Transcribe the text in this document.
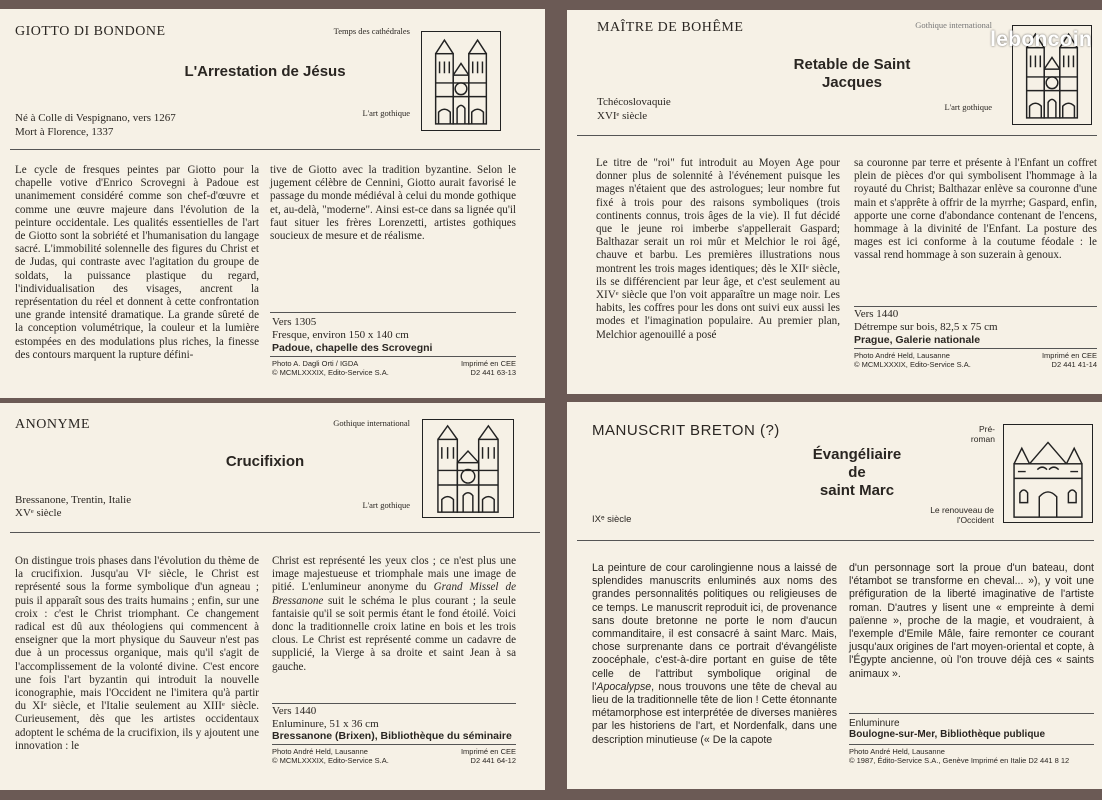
GIOTTO DI BONDONE	Temps des cathédrales
L'art gothique
L'Arrestation de Jésus
Né à Colle di Vespignano, vers 1267
Mort à Florence, 1337
Le cycle de fresques peintes par Giotto pour la chapelle votive d'Enrico Scrovegni à Padoue est unanimement considéré comme son chef-d'œuvre et comme une œuvre majeure dans l'évolution de la peinture occidentale. Les qualités essentielles de l'art de Giotto sont la sobriété et l'humanisation du langage sacré. L'immobilité solennelle des figures du Christ et de Judas, qui contraste avec l'agitation du groupe de soldats, la puissance plastique du regard, l'individualisation des visages, ancrent la représentation du réel et donnent à cette confrontation une grande intensité dramatique. La grande sûreté de la conception volumétrique, la couleur et la lumière estompées en des modulations plus riches, la finesse des contours marquent la rupture défini-
tive de Giotto avec la tradition byzantine. Selon le jugement célèbre de Cennini, Giotto aurait favorisé le passage du monde médiéval à celui du monde gothique et, au-delà, "moderne". Ainsi est-ce dans sa lignée qu'il faut situer les frères Lorenzetti, artistes gothiques soucieux de mesure et de réalisme.
Vers 1305
Fresque, environ 150 x 140 cm
Padoue, chapelle des Scrovegni
Photo A. Dagli Orti / IGDA
© MCMLXXXIX, Edito-Service S.A.
Imprimé en CEE
D2 441 63-13
MAÎTRE DE BOHÊME	Gothique international
L'art gothique
Retable de Saint Jacques
leboncoin
Tchécoslovaquie
XVIᵉ siècle
Le titre de "roi" fut introduit au Moyen Age pour donner plus de solennité à l'événement puisque les mages n'étaient que des astrologues; leur nombre fut fixé à trois pour des raisons symboliques (trois continents connus, trois âges de la vie). Il fut décidé que le jeune roi imberbe s'appellerait Gaspard; Balthazar serait un roi mûr et Melchior le roi âgé, chauve et barbu. Les premières illustrations nous montrent les trois mages identiques; dès le XIIᵉ siècle, ils se différencient par leur âge, et c'est seulement au XIVᵉ siècle que l'on voit apparaître un mage noir. Les habits, les coffres pour les dons ont suivi eux aussi les modes et l'imagination populaire. Au premier plan, Melchior agenouillé a posé
sa couronne par terre et présente à l'Enfant un coffret plein de pièces d'or qui symbolisent l'hommage à la royauté du Christ; Balthazar enlève sa couronne d'une main et s'apprête à offrir de la myrrhe; Gaspard, enfin, apporte une corne d'abondance contenant de l'encens, hommage à la divinité de l'Enfant. La posture des mages est ici conforme à la coutume féodale : le vassal rend hommage à son suzerain à genoux.
Vers 1440
Détrempe sur bois, 82,5 x 75 cm
Prague, Galerie nationale
Photo André Held, Lausanne
© MCMLXXXIX, Edito-Service S.A.
Imprimé en CEE
D2 441 41-14
ANONYME	Gothique international
L'art gothique
Crucifixion
Bressanone, Trentin, Italie
XVᵉ siècle
On distingue trois phases dans l'évolution du thème de la crucifixion. Jusqu'au VIᵉ siècle, le Christ est représenté sous la forme symbolique d'un agneau ; puis il apparaît sous des traits humains ; enfin, sur une croix : c'est le Christ triomphant. Ce changement radical est dû aux théologiens qui commencent à enseigner que la mort physique du Sauveur n'est pas due à un processus organique, mais qu'il s'agit de l'accomplissement de la volonté divine. C'est encore une fois l'art byzantin qui introduit la nouvelle iconographie, mais l'Occident ne l'imitera qu'à partir du XIᵉ siècle, et l'Italie seulement au XIIIᵉ siècle. Curieusement, dès que les artistes occidentaux adoptent le schéma de la crucifixion, ils y ajoutent une innovation : le
Christ est représenté les yeux clos ; ce n'est plus une image majestueuse et triomphale mais une image de pitié. L'enlumineur anonyme du Grand Missel de Bressanone suit le schéma le plus courant ; la seule fantaisie qu'il se soit permis étant le fond étoilé. Voici donc la traditionnelle croix latine en bois et les trois clous. Le Christ est représenté comme un cadavre de supplicié, la Vierge à sa droite et saint Jean à sa gauche.
Vers 1440
Enluminure, 51 x 36 cm
Bressanone (Brixen), Bibliothèque du séminaire
Photo André Held, Lausanne
© MCMLXXXIX, Edito-Service S.A.
Imprimé en CEE
D2 441 64-12
MANUSCRIT BRETON (?)	Pré-roman
Le renouveau de l'Occident
Évangéliaire
de
saint Marc
IXᵉ siècle
La peinture de cour carolingienne nous a laissé de splendides manuscrits enluminés aux noms des grandes personnalités politiques ou religieuses de ce temps. Le manuscrit reproduit ici, de provenance sans doute bretonne ne porte le nom d'aucun commanditaire, il est consacré à saint Marc. Mais, chose surprenante dans ce portrait d'évangéliste zoocéphale, c'est-à-dire portant en guise de tête celle de l'attribut symbolique original de l'Apocalypse, nous trouvons une tête de cheval au lieu de la traditionnelle tête de lion ! Cette étonnante métamorphose est interprétée de diverses manières par les historiens de l'art, et Nordenfalk, dans une description minutieuse (« De la capote
d'un personnage sort la proue d'un bateau, dont l'étambot se transforme en cheval... »), y voit une préfiguration de la liberté imaginative de l'artiste roman. D'autres y lisent une « empreinte à demi païenne », proche de la magie, et voudraient, à l'exemple d'Emile Mâle, faire remonter ce courant jusqu'aux origines de l'art moyen-oriental et copte, à l'Égypte ancienne, où l'on trouve déjà ces « saints animaux ».
Enluminure
Boulogne-sur-Mer, Bibliothèque publique
Photo André Held, Lausanne
© 1987, Édito-Service S.A., Genève Imprimé en Italie D2 441 8 12
